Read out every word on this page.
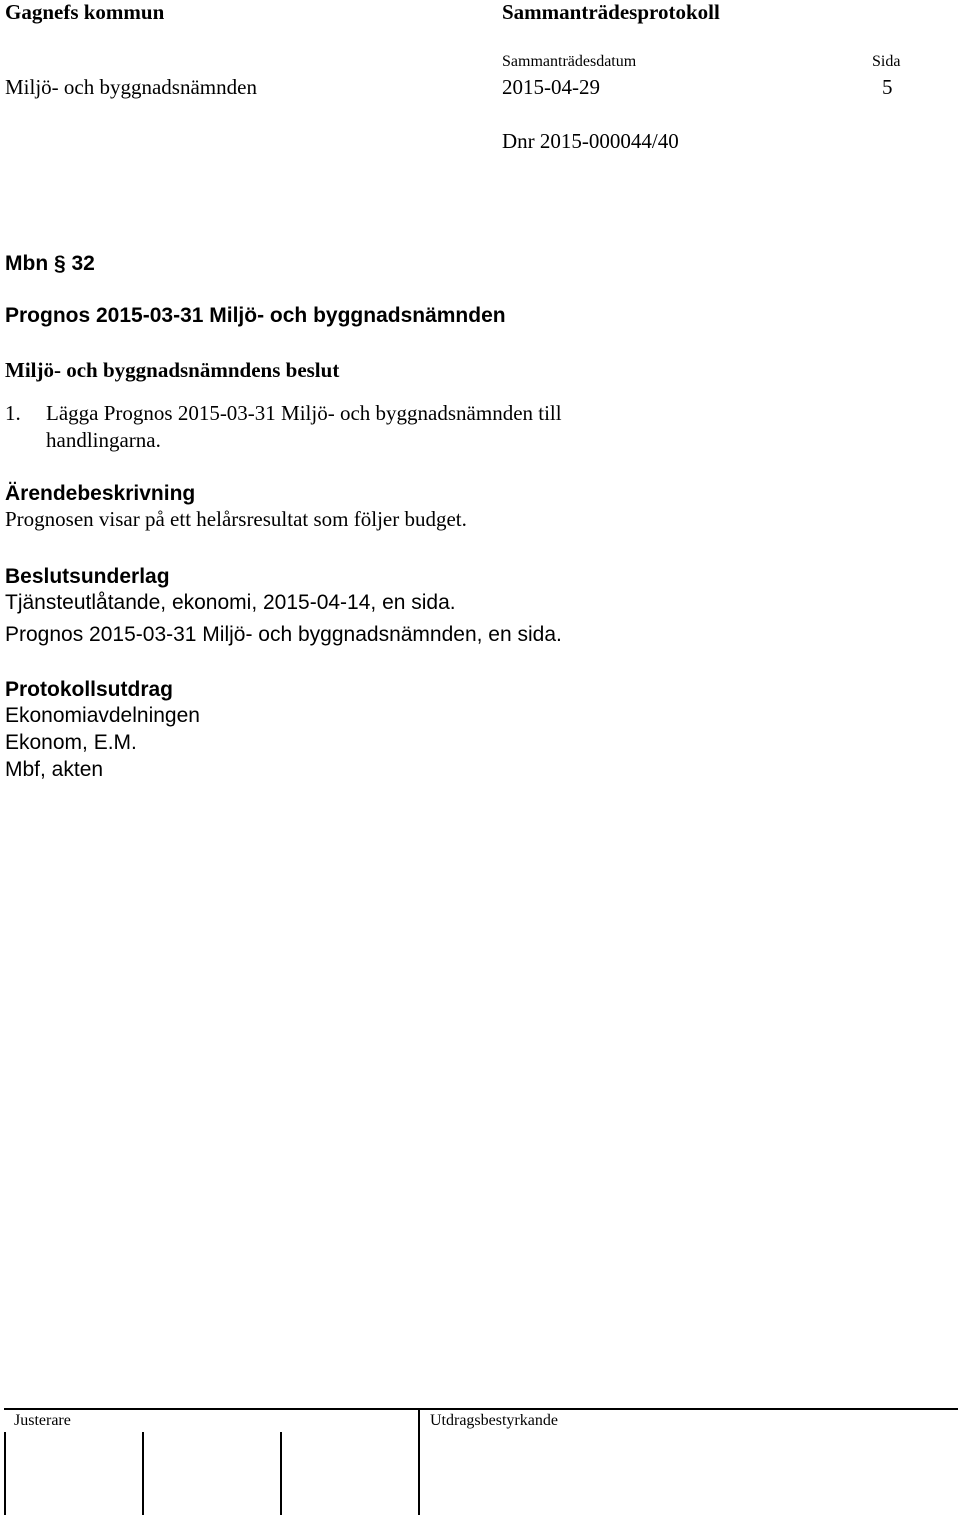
Gagnefs kommun	Sammanträdesprotokoll
Sammanträdesdatum	Sida
Miljö- och byggnadsnämnden	2015-04-29	5
Dnr 2015-000044/40
Mbn § 32
Prognos 2015-03-31 Miljö- och byggnadsnämnden
Miljö- och byggnadsnämndens beslut
1. Lägga Prognos 2015-03-31 Miljö- och byggnadsnämnden till
handlingarna.
Ärendebeskrivning
Prognosen visar på ett helårsresultat som följer budget.
Beslutsunderlag
Tjänsteutlåtande, ekonomi, 2015-04-14, en sida.
Prognos 2015-03-31 Miljö- och byggnadsnämnden, en sida.
Protokollsutdrag
Ekonomiavdelningen
Ekonom, E.M.
Mbf, akten
Justerare	Utdragsbestyrkande
